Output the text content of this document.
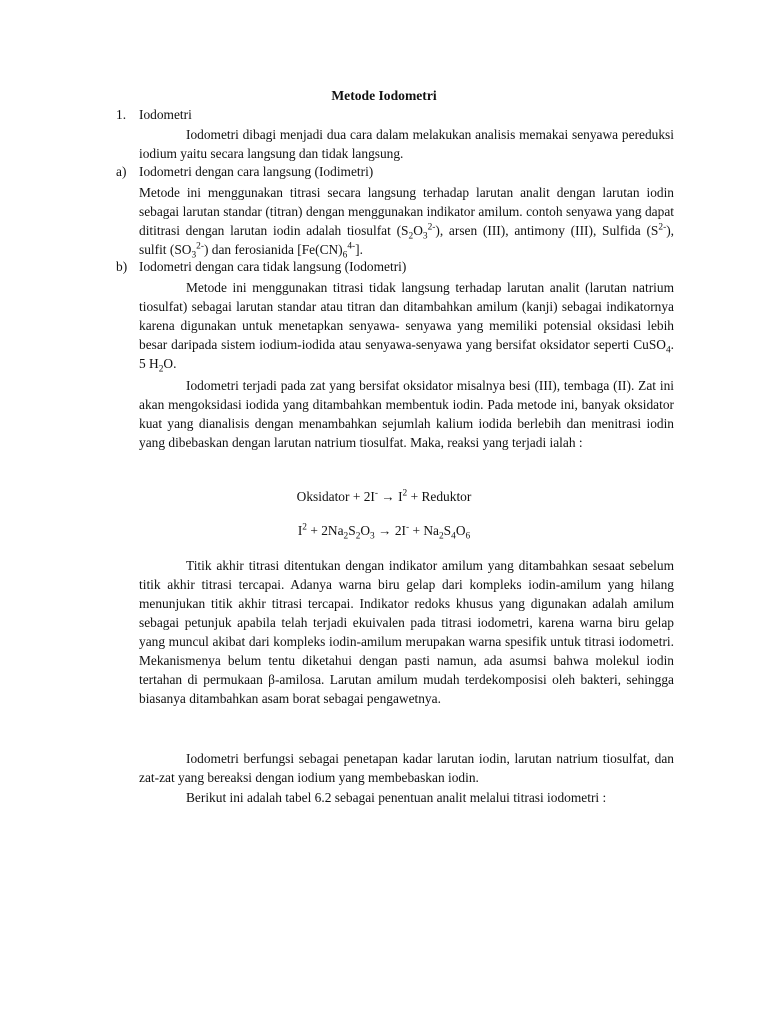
Metode Iodometri
1. Iodometri

Iodometri dibagi menjadi dua cara dalam melakukan analisis memakai senyawa pereduksi iodium yaitu secara langsung dan tidak langsung.

a) Iodometri dengan cara langsung (Iodimetri)

Metode ini menggunakan titrasi secara langsung terhadap larutan analit dengan larutan iodin sebagai larutan standar (titran) dengan menggunakan indikator amilum. contoh senyawa yang dapat dititrasi dengan larutan iodin adalah tiosulfat $(S_2O_3^{2-})$, arsen (III), antimony (III), Sulfida $(S^{2-})$, sulfit $(SO_3^{2-})$ dan ferosianida $[Fe(CN)_6^{4-}]$.

b) Iodometri dengan cara tidak langsung (Iodometri)

Metode ini menggunakan titrasi tidak langsung terhadap larutan analit (larutan natrium tiosulfat) sebagai larutan standar atau titran dan ditambahkan amilum (kanji) sebagai indikatornya karena digunakan untuk menetapkan senyawa- senyawa yang memiliki potensial oksidasi lebih besar daripada sistem iodium-iodida atau senyawa-senyawa yang bersifat oksidator seperti CuSO$_4$. 5 $H_2O$.

Iodometri terjadi pada zat yang bersifat oksidator misalnya besi (III), tembaga (II). Zat ini akan mengoksidasi iodida yang ditambahkan membentuk iodin. Pada metode ini, banyak oksidator kuat yang dianalisis dengan menambahkan sejumlah kalium iodida berlebih dan menitrasi iodin yang dibebaskan dengan larutan natrium tiosulfat. Maka, reaksi yang terjadi ialah :

Oksidator + $2I^- \to I^2$ + Reduktor
$I^2 + 2Na_2S_2O_3 \to 2I^- + Na_2S_4O_6$

Titik akhir titrasi ditentukan dengan indikator amilum yang ditambahkan sesaat sebelum titik akhir titrasi tercapai. Adanya warna biru gelap dari kompleks iodin-amilum yang hilang menunjukan titik akhir titrasi tercapai. Indikator redoks khusus yang digunakan adalah amilum sebagai petunjuk apabila telah terjadi ekuivalen pada titrasi iodometri, karena warna biru gelap yang muncul akibat dari kompleks iodin-amilum merupakan warna spesifik untuk titrasi iodometri. Mekanismenya belum tentu diketahui dengan pasti namun, ada asumsi bahwa molekul iodin tertahan di permukaan β-amilosa. Larutan amilum mudah terdekomposisi oleh bakteri, sehingga biasanya ditambahkan asam borat sebagai pengawetnya.

Iodometri berfungsi sebagai penetapan kadar larutan iodin, larutan natrium tiosulfat, dan zat-zat yang bereaksi dengan iodium yang membebaskan iodin.

Berikut ini adalah tabel 6.2 sebagai penentuan analit melalui titrasi iodometri :
